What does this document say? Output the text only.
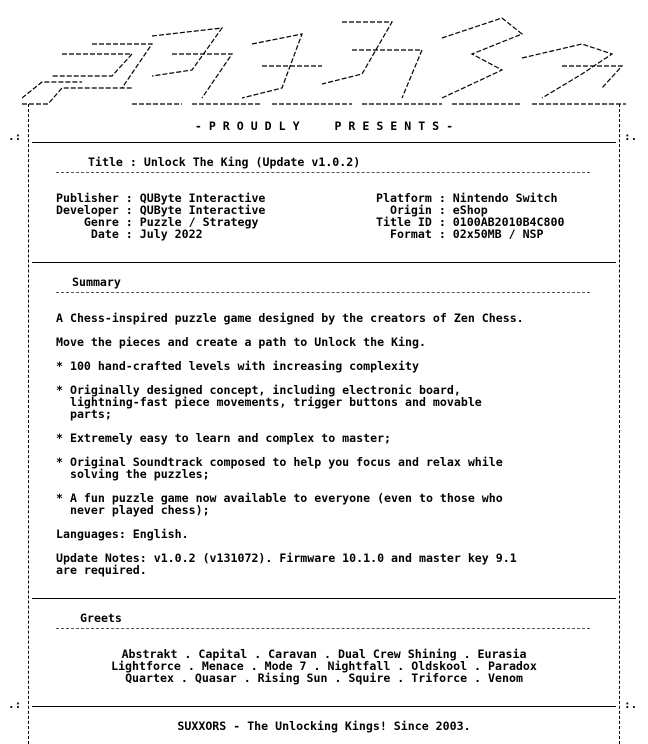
.:	:.
.:	:.
- P R O U D L Y     P R E S E N T S -
Title : Unlock The King (Update v1.0.2)
Publisher : QUByte Interactive
Developer : QUByte Interactive
Genre : Puzzle / Strategy
Date : July 2022
Platform : Nintendo Switch
Origin : eShop
Title ID : 0100AB2010B4C800
Format : 02x50MB / NSP
Summary
A Chess-inspired puzzle game designed by the creators of Zen Chess.
Move the pieces and create a path to Unlock the King.
* 100 hand-crafted levels with increasing complexity
* Originally designed concept, including electronic board,
lightning-fast piece movements, trigger buttons and movable
parts;
* Extremely easy to learn and complex to master;
* Original Soundtrack composed to help you focus and relax while
solving the puzzles;
* A fun puzzle game now available to everyone (even to those who
never played chess);
Languages: English.
Update Notes: v1.0.2 (v131072). Firmware 10.1.0 and master key 9.1
are required.
Greets
Abstrakt . Capital . Caravan . Dual Crew Shining . Eurasia
Lightforce . Menace . Mode 7 . Nightfall . Oldskool . Paradox
Quartex . Quasar . Rising Sun . Squire . Triforce . Venom
SUXXORS - The Unlocking Kings! Since 2003.
